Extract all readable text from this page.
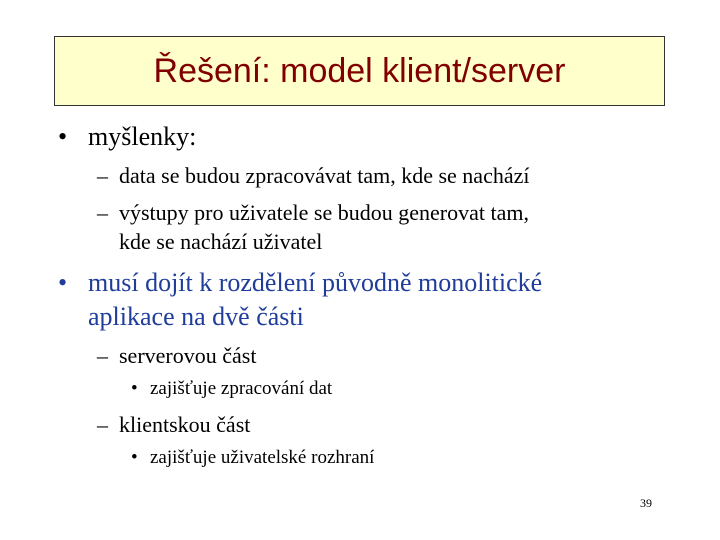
Řešení: model klient/server
• myšlenky:
– data se budou zpracovávat tam, kde se nachází
– výstupy pro uživatele se budou generovat tam,
kde se nachází uživatel
• musí dojít k rozdělení původně monolitické
aplikace na dvě části
– serverovou část
• zajišťuje zpracování dat
– klientskou část
• zajišťuje uživatelské rozhraní
39
